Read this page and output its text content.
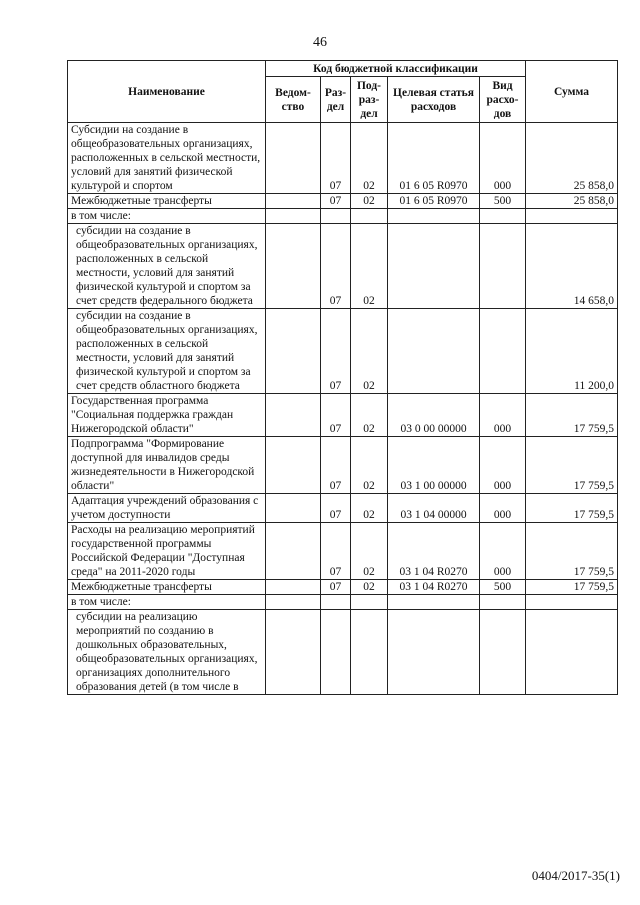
46
Наименование	Код бюджетной классификации					Сумма
	Ведом-ство	Раз-дел	Под-раз-дел	Целевая статья расходов	Вид расхо-дов	
Субсидии на создание в общеобразовательных организациях, расположенных в сельской местности, условий для занятий физической культурой и спортом		07	02	01 6 05 R0970	000	25 858,0
Межбюджетные трансферты		07	02	01 6 05 R0970	500	25 858,0
в том числе:						
субсидии на создание в общеобразовательных организациях, расположенных в сельской местности, условий для занятий физической культурой и спортом за счет средств федерального бюджета		07	02			14 658,0
субсидии на создание в общеобразовательных организациях, расположенных в сельской местности, условий для занятий физической культурой и спортом за счет средств областного бюджета		07	02			11 200,0
Государственная программа "Социальная поддержка граждан Нижегородской области"		07	02	03 0 00 00000	000	17 759,5
Подпрограмма "Формирование доступной для инвалидов среды жизнедеятельности в Нижегородской области"		07	02	03 1 00 00000	000	17 759,5
Адаптация учреждений образования с учетом доступности		07	02	03 1 04 00000	000	17 759,5
Расходы на реализацию мероприятий государственной программы Российской Федерации "Доступная среда" на 2011-2020 годы		07	02	03 1 04 R0270	000	17 759,5
Межбюджетные трансферты		07	02	03 1 04 R0270	500	17 759,5
в том числе:						
субсидии на реализацию мероприятий по созданию в дошкольных образовательных, общеобразовательных организациях, организациях дополнительного образования детей (в том числе в						
0404/2017-35(1)
